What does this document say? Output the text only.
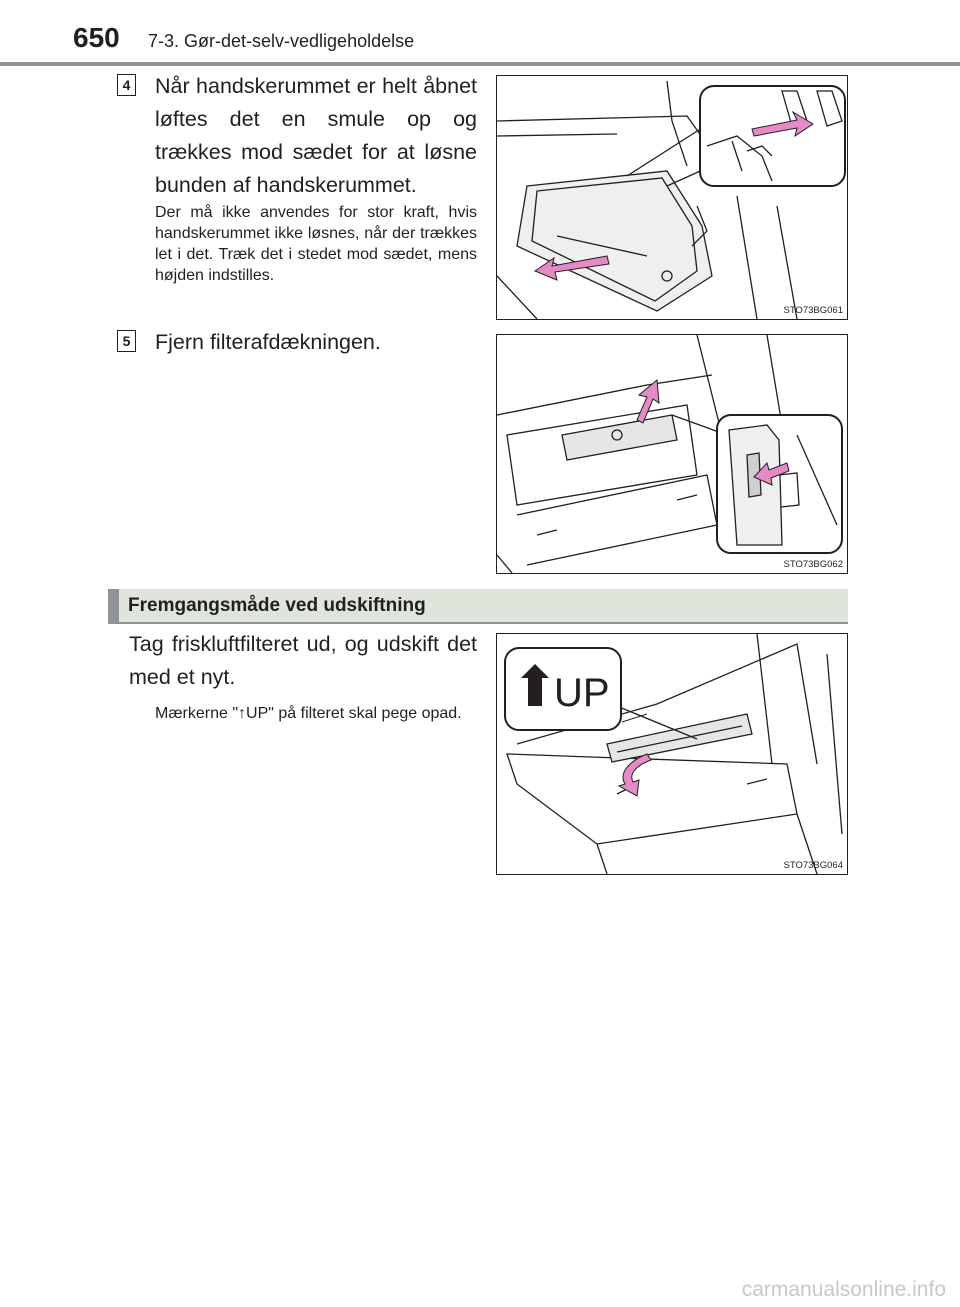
650 7-3. Gør-det-selv-vedligeholdelse
4 Når handskerummet er helt åbnet løftes det en smule op og trækkes mod sædet for at løsne bunden af handskerummet.
Der må ikke anvendes for stor kraft, hvis handskerummet ikke løsnes, når der trækkes let i det. Træk det i stedet mod sædet, mens højden indstilles.
STO73BG061
5 Fjern filterafdækningen.
STO73BG062
Fremgangsmåde ved udskiftning
Tag friskluftfilteret ud, og udskift det med et nyt.
Mærkerne "↑UP" på filteret skal pege opad.	UP
STO73BG064
carmanualsonline.info
